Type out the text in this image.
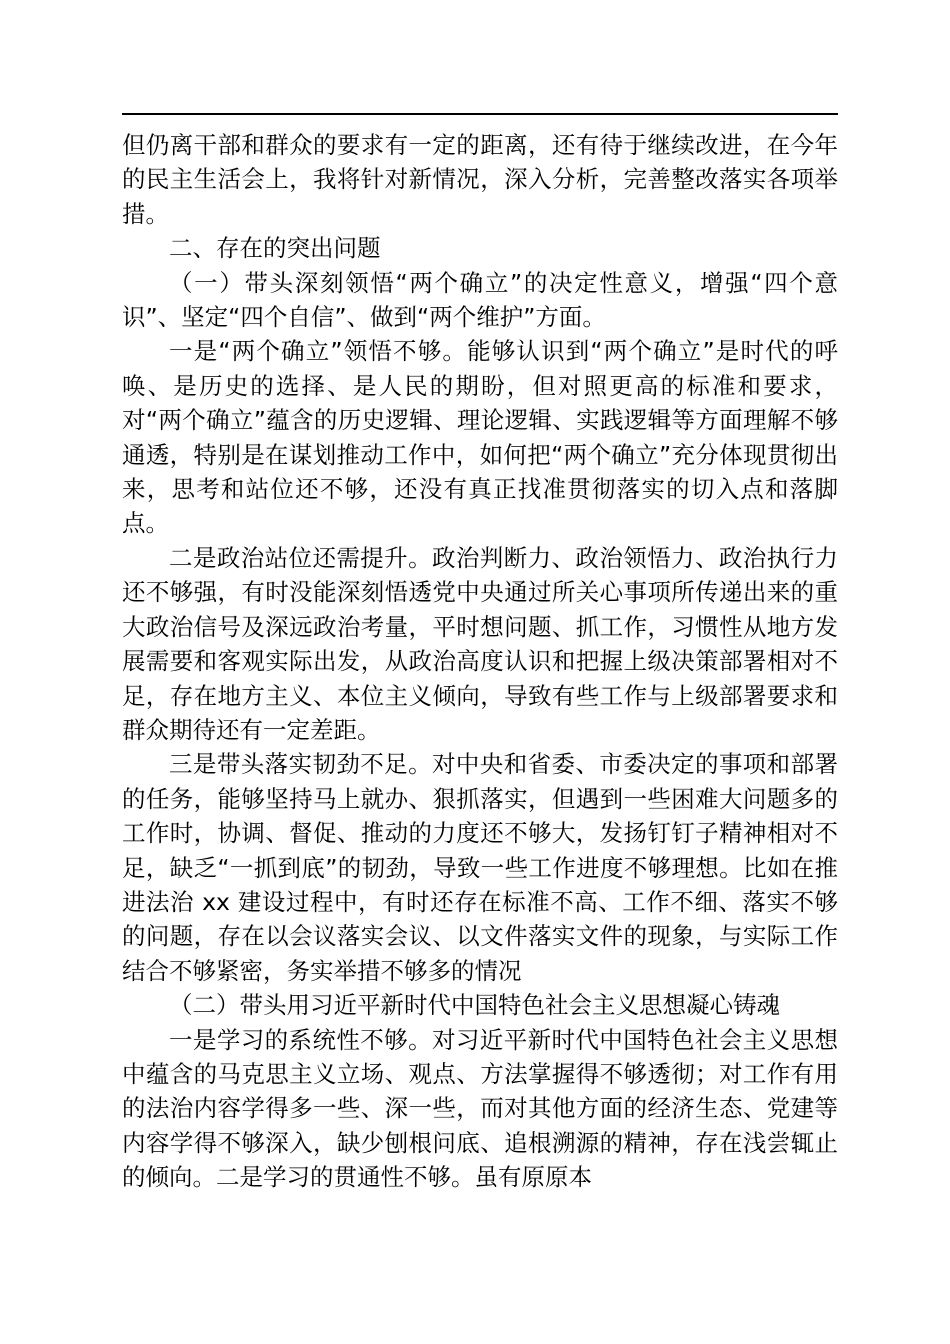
但仍离干部和群众的要求有一定的距离，还有待于继续改进，在今年的民主生活会上，我将针对新情况，深入分析，完善整改落实各项举措。

二、存在的突出问题

（一）带头深刻领悟“两个确立”的决定性意义，增强“四个意识”、坚定“四个自信”、做到“两个维护”方面。

一是“两个确立”领悟不够。能够认识到“两个确立”是时代的呼唤、是历史的选择、是人民的期盼，但对照更高的标准和要求，对“两个确立”蕴含的历史逻辑、理论逻辑、实践逻辑等方面理解不够通透，特别是在谋划推动工作中，如何把“两个确立”充分体现贯彻出来，思考和站位还不够，还没有真正找准贯彻落实的切入点和落脚点。

二是政治站位还需提升。政治判断力、政治领悟力、政治执行力还不够强，有时没能深刻悟透党中央通过所关心事项所传递出来的重大政治信号及深远政治考量，平时想问题、抓工作，习惯性从地方发展需要和客观实际出发，从政治高度认识和把握上级决策部署相对不足，存在地方主义、本位主义倾向，导致有些工作与上级部署要求和群众期待还有一定差距。

三是带头落实韧劲不足。对中央和省委、市委决定的事项和部署的任务，能够坚持马上就办、狠抓落实，但遇到一些困难大问题多的工作时，协调、督促、推动的力度还不够大，发扬钉钉子精神相对不足，缺乏“一抓到底”的韧劲，导致一些工作进度不够理想。比如在推进法治 xx 建设过程中，有时还存在标准不高、工作不细、落实不够的问题，存在以会议落实会议、以文件落实文件的现象，与实际工作结合不够紧密，务实举措不够多的情况

（二）带头用习近平新时代中国特色社会主义思想凝心铸魂

一是学习的系统性不够。对习近平新时代中国特色社会主义思想中蕴含的马克思主义立场、观点、方法掌握得不够透彻；对工作有用的法治内容学得多一些、深一些，而对其他方面的经济生态、党建等内容学得不够深入，缺少刨根问底、追根溯源的精神，存在浅尝辄止的倾向。二是学习的贯通性不够。虽有原原本
